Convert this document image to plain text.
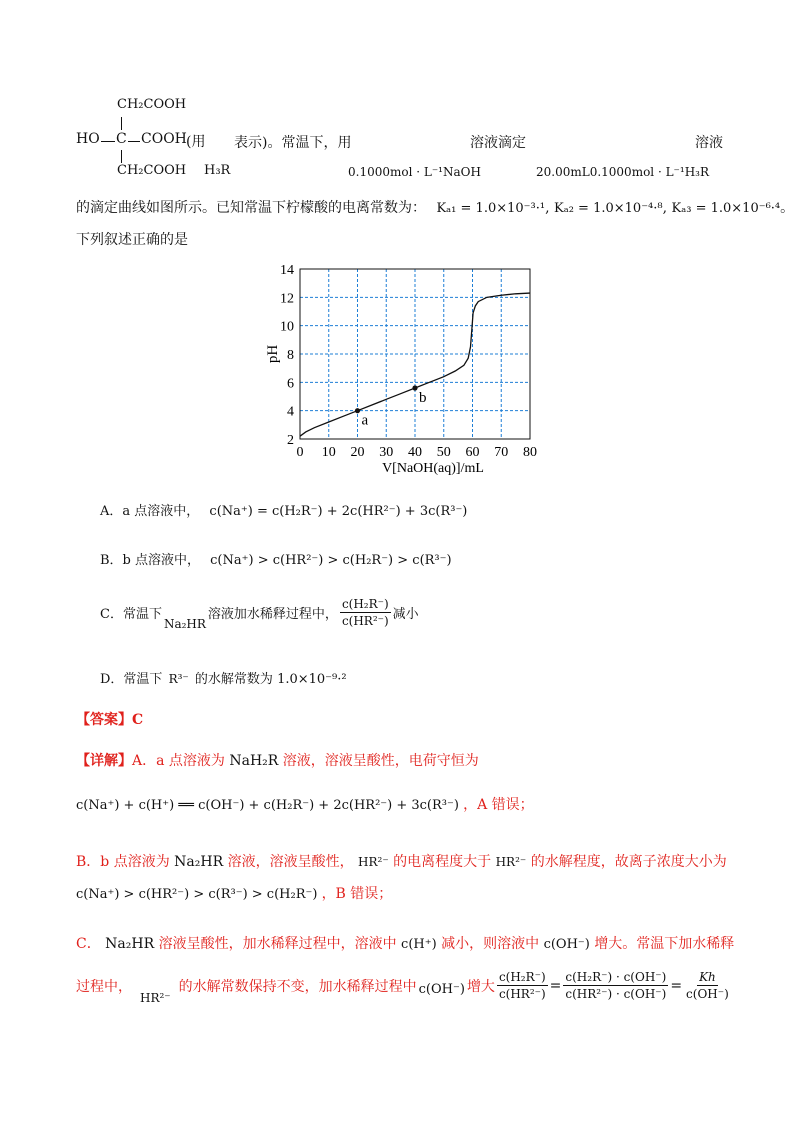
CH₂COOH
HO C COOH (用
CH₂COOH H₃R
表示)。常温下，用
0.1000mol · L⁻¹NaOH
溶液滴定
20.00mL0.1000mol · L⁻¹H₃R
溶液
的滴定曲线如图所示。已知常温下柠檬酸的电离常数为： Kₐ₁ = 1.0×10⁻³·¹, Kₐ₂ = 1.0×10⁻⁴·⁸, Kₐ₃ = 1.0×10⁻⁶·⁴。
下列叙述正确的是
0 10 20 30 40 50 60 70 80
2
4
6
8
10
12
14
a
b
pH
V[NaOH(aq)]/mL
A．a 点溶液中， c(Na⁺) = c(H₂R⁻) + 2c(HR²⁻) + 3c(R³⁻)
B．b 点溶液中， c(Na⁺) > c(HR²⁻) > c(H₂R⁻) > c(R³⁻)
C．常温下
Na₂HR
溶液加水稀释过程中， $\frac{\text{c(H₂R⁻)}}{\text{c(HR²⁻)}}$ 减小
D．常温下 R³⁻ 的水解常数为 1.0×10⁻⁹·²
【答案】C
【详解】A．a 点溶液为 NaH₂R 溶液，溶液呈酸性，电荷守恒为
c(Na⁺) + c(H⁺) ══ c(OH⁻) + c(H₂R⁻) + 2c(HR²⁻) + 3c(R³⁻) ，A 错误；
B．b 点溶液为 Na₂HR 溶液，溶液呈酸性， HR²⁻ 的电离程度大于 HR²⁻ 的水解程度，故离子浓度大小为
c(Na⁺) > c(HR²⁻) > c(R³⁻) > c(H₂R⁻) ，B 错误；
C． Na₂HR 溶液呈酸性，加水稀释过程中，溶液中 c(H⁺) 减小，则溶液中 c(OH⁻) 增大。常温下加水稀释
过程中，
HR²⁻
的水解常数保持不变，加水稀释过程中 c(OH⁻) 增大 $\frac{\text{c(H₂R⁻)}}{\text{c(HR²⁻)}} = \frac{\text{c(H₂R⁻) · c(OH⁻)}}{\text{c(HR²⁻) · c(OH⁻)}} = \frac{Kh}{c(OH^-)}$
